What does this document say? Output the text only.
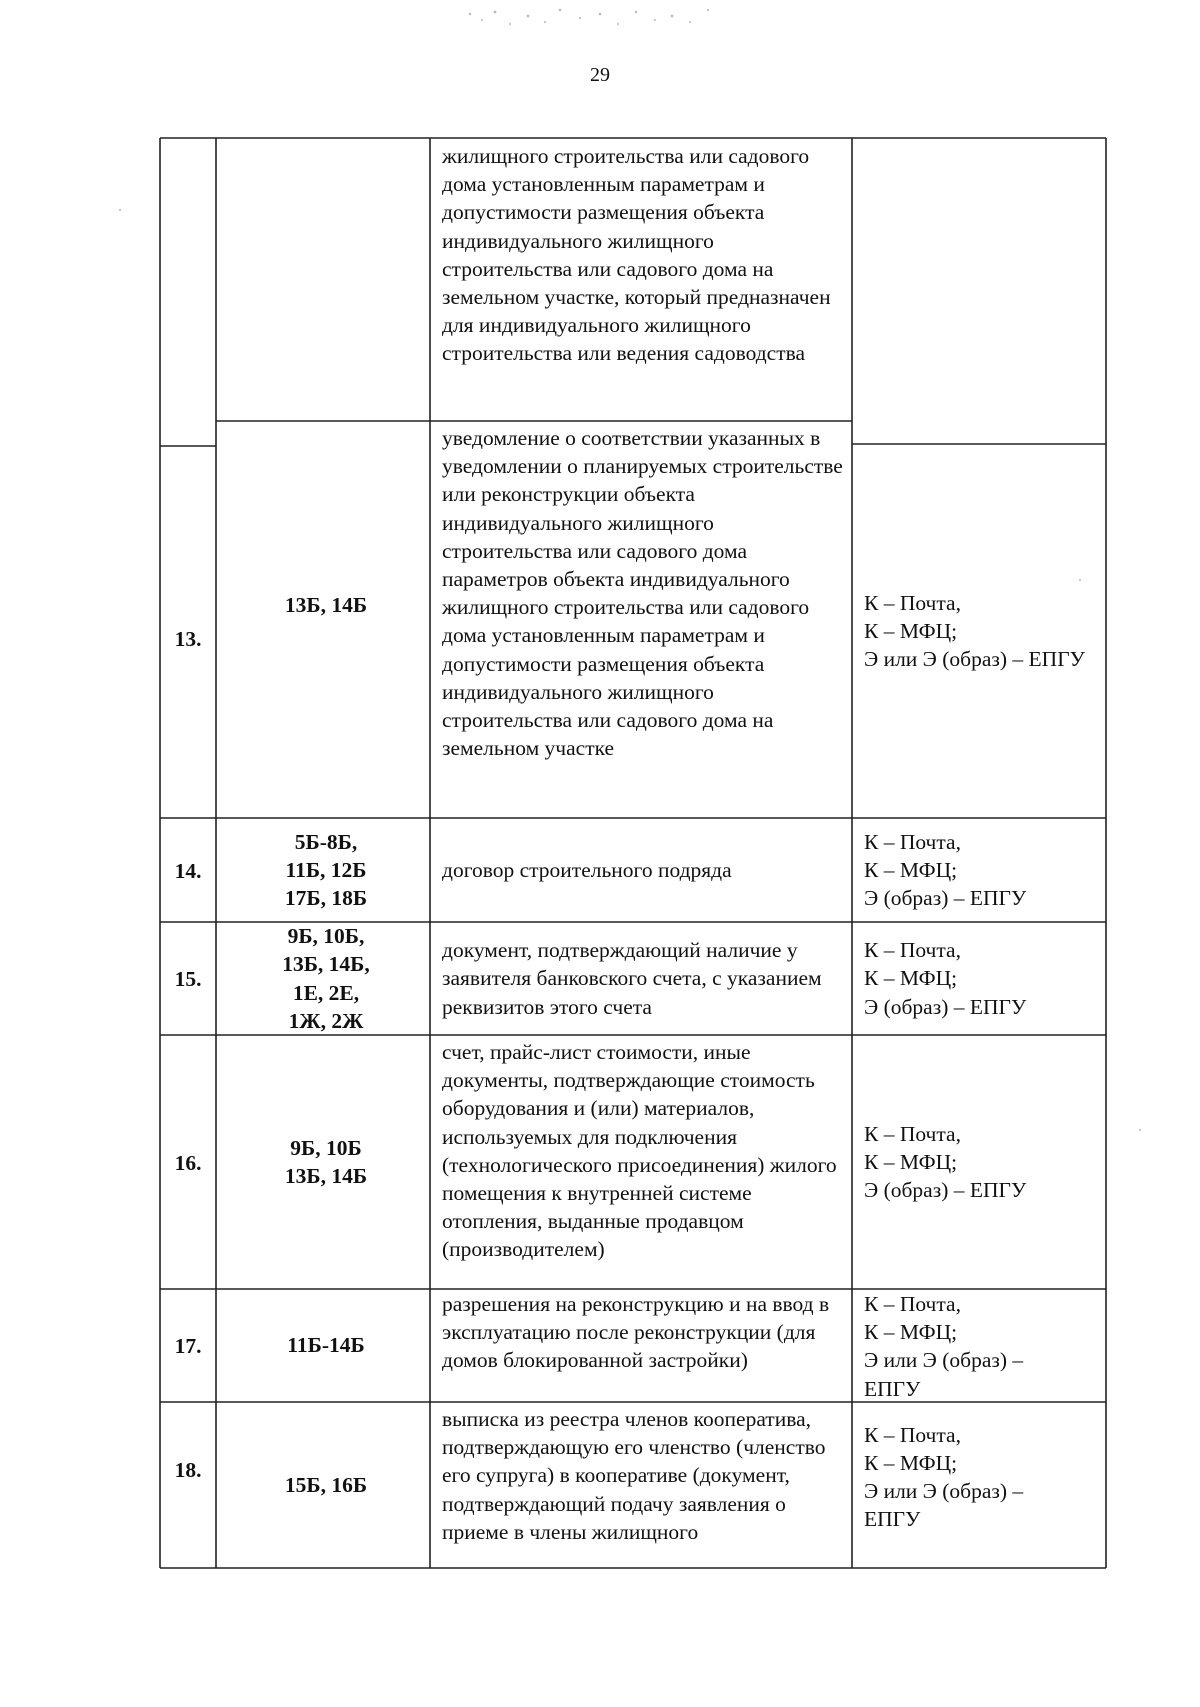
29
жилищного строительства или садового дома установленным параметрам и допустимости размещения объекта индивидуального жилищного строительства или садового дома на земельном участке, который предназначен для индивидуального жилищного строительства или ведения садоводства
13.
13Б, 14Б
уведомление о соответствии указанных в уведомлении о планируемых строительстве или реконструкции объекта индивидуального жилищного строительства или садового дома параметров объекта индивидуального жилищного строительства или садового дома установленным параметрам и допустимости размещения объекта индивидуального жилищного строительства или садового дома на земельном участке
К – Почта,
К – МФЦ;
Э или Э (образ) – ЕПГУ
14.
5Б-8Б,
11Б, 12Б
17Б, 18Б
договор строительного подряда
К – Почта,
К – МФЦ;
Э (образ) – ЕПГУ
15.
9Б, 10Б,
13Б, 14Б,
1Е, 2Е,
1Ж, 2Ж
документ, подтверждающий наличие у заявителя банковского счета, с указанием реквизитов этого счета
К – Почта,
К – МФЦ;
Э (образ) – ЕПГУ
16.
9Б, 10Б
13Б, 14Б
счет, прайс-лист стоимости, иные документы, подтверждающие стоимость оборудования и (или) материалов, используемых для подключения (технологического присоединения) жилого помещения к внутренней системе отопления, выданные продавцом (производителем)
К – Почта,
К – МФЦ;
Э (образ) – ЕПГУ
17.	11Б-14Б
разрешения на реконструкцию и на ввод в эксплуатацию после реконструкции (для домов блокированной застройки)
К – Почта,
К – МФЦ;
Э или Э (образ) –
ЕПГУ
18.
15Б, 16Б
выписка из реестра членов кооператива, подтверждающую его членство (членство его супруга) в кооперативе (документ, подтверждающий подачу заявления о приеме в члены жилищного
К – Почта,
К – МФЦ;
Э или Э (образ) –
ЕПГУ
